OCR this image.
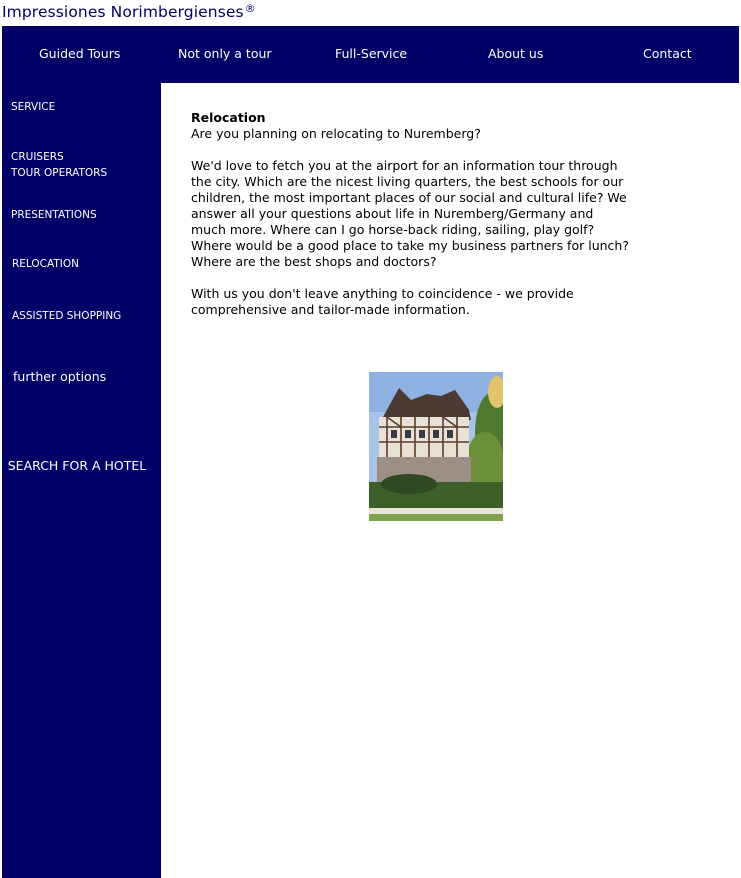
Impressiones Norimbergienses®
Guided Tours	Not only a tour	Full-Service	About us	Contact
SERVICE
CRUISERS
TOUR OPERATORS
PRESENTATIONS
RELOCATION
ASSISTED SHOPPING
further options
SEARCH FOR A HOTEL
Relocation

Are you planning on relocating to Nuremberg?

We'd love to fetch you at the airport for an information tour through
the city. Which are the nicest living quarters, the best schools for our
children, the most important places of our social and cultural life? We
answer all your questions about life in Nuremberg/Germany and
much more. Where can I go horse-back riding, sailing, play golf?
Where would be a good place to take my business partners for lunch?
Where are the best shops and doctors?

With us you don't leave anything to coincidence - we provide
comprehensive and tailor-made information.
